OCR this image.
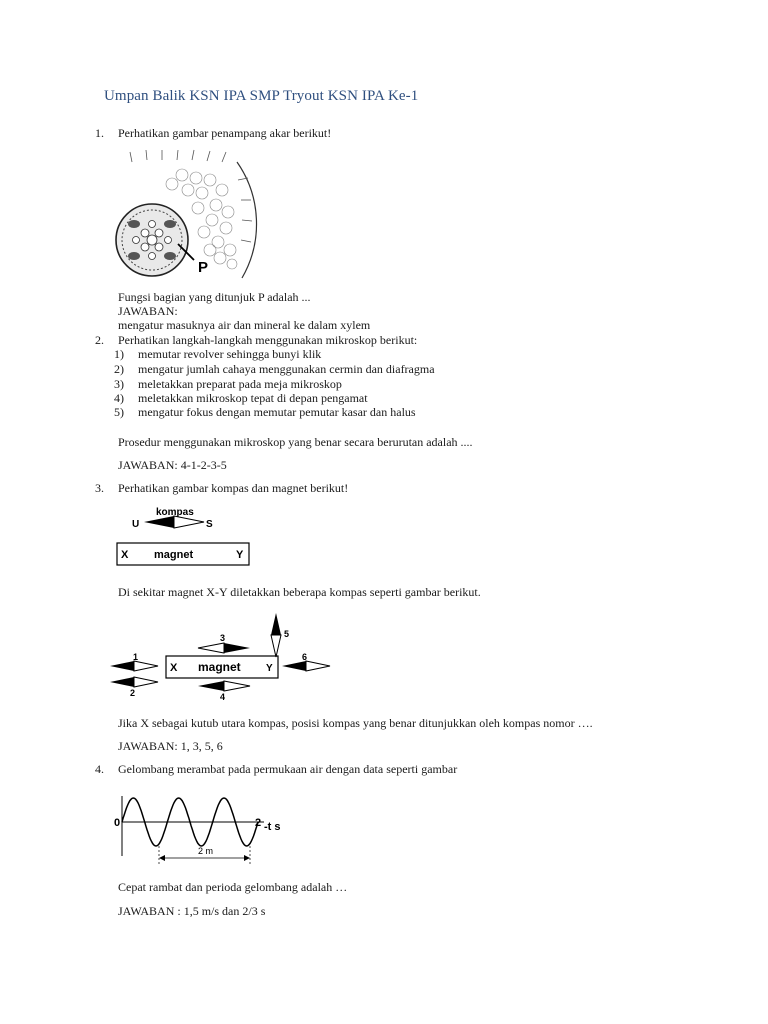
Umpan Balik KSN IPA SMP Tryout KSN IPA Ke-1
1. Perhatikan gambar penampang akar berikut!
P
Fungsi bagian yang ditunjuk P adalah ...
JAWABAN:
mengatur masuknya air dan mineral ke dalam xylem
2. Perhatikan langkah-langkah menggunakan mikroskop berikut:
1) memutar revolver sehingga bunyi klik
2) mengatur jumlah cahaya menggunakan cermin dan diafragma
3) meletakkan preparat pada meja mikroskop
4) meletakkan mikroskop tepat di depan pengamat
5) mengatur fokus dengan memutar pemutar kasar dan halus
Prosedur menggunakan mikroskop yang benar secara berurutan adalah ....
JAWABAN: 4-1-2-3-5
3. Perhatikan gambar kompas dan magnet berikut!
kompas
U	S
X magnet	Y
Di sekitar magnet X-Y diletakkan beberapa kompas seperti gambar berikut.
X magnet	Y
1
2
3
4
5
6
Jika X sebagai kutub utara kompas, posisi kompas yang benar ditunjukkan oleh kompas nomor ….
JAWABAN: 1, 3, 5, 6
4. Gelombang merambat pada permukaan air dengan data seperti gambar
2 m
0	2 -t s
Cepat rambat dan perioda gelombang adalah …
JAWABAN : 1,5 m/s dan 2/3 s
